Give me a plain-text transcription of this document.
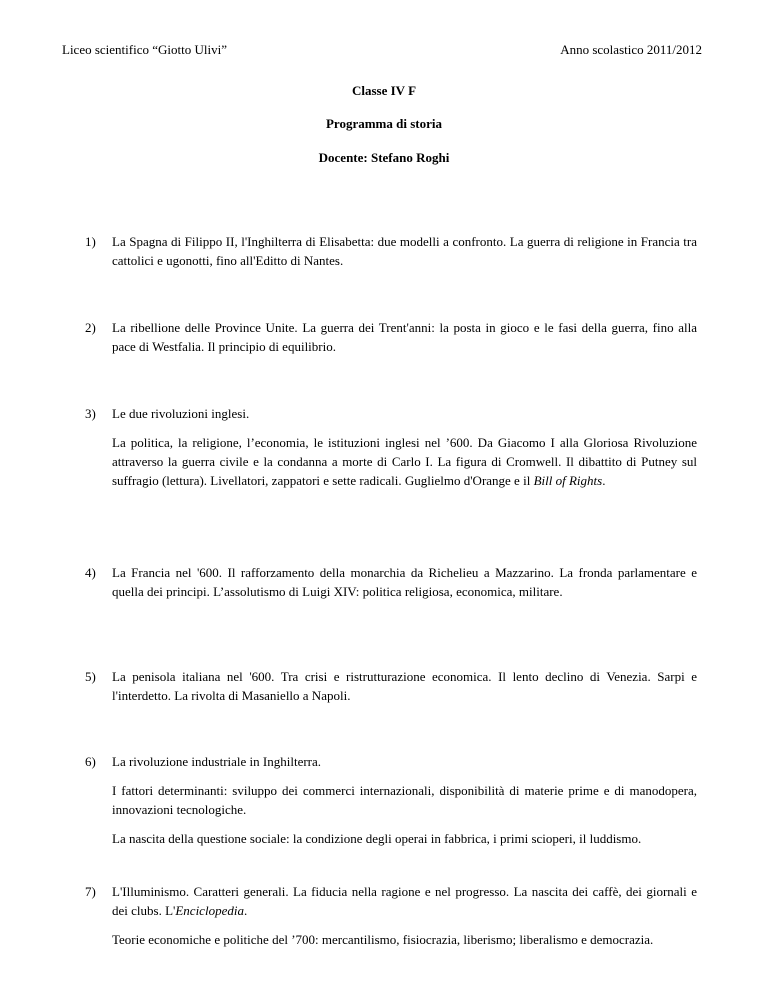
Liceo scientifico “Giotto Ulivi”	Anno scolastico 2011/2012
Classe IV F
Programma di storia
Docente: Stefano Roghi
1) La Spagna di Filippo II, l'Inghilterra di Elisabetta: due modelli a confronto. La guerra di religione in Francia tra cattolici e ugonotti, fino all'Editto di Nantes.

2) La ribellione delle Province Unite. La guerra dei Trent'anni: la posta in gioco e le fasi della guerra, fino alla pace di Westfalia. Il principio di equilibrio.

3) Le due rivoluzioni inglesi.

La politica, la religione, l’economia, le istituzioni inglesi nel ’600. Da Giacomo I alla Gloriosa Rivoluzione attraverso la guerra civile e la condanna a morte di Carlo I. La figura di Cromwell. Il dibattito di Putney sul suffragio (lettura). Livellatori, zappatori e sette radicali. Guglielmo d'Orange e il Bill of Rights.

4) La Francia nel '600. Il rafforzamento della monarchia da Richelieu a Mazzarino. La fronda parlamentare e quella dei principi. L’assolutismo di Luigi XIV: politica religiosa, economica, militare.

5) La penisola italiana nel '600. Tra crisi e ristrutturazione economica. Il lento declino di Venezia. Sarpi e l'interdetto. La rivolta di Masaniello a Napoli.

6) La rivoluzione industriale in Inghilterra.

I fattori determinanti: sviluppo dei commerci internazionali, disponibilità di materie prime e di manodopera, innovazioni tecnologiche.

La nascita della questione sociale: la condizione degli operai in fabbrica, i primi scioperi, il luddismo.

7) L'Illuminismo. Caratteri generali. La fiducia nella ragione e nel progresso. La nascita dei caffè, dei giornali e dei clubs. L'Enciclopedia.

Teorie economiche e politiche del ’700: mercantilismo, fisiocrazia, liberismo; liberalismo e democrazia.
